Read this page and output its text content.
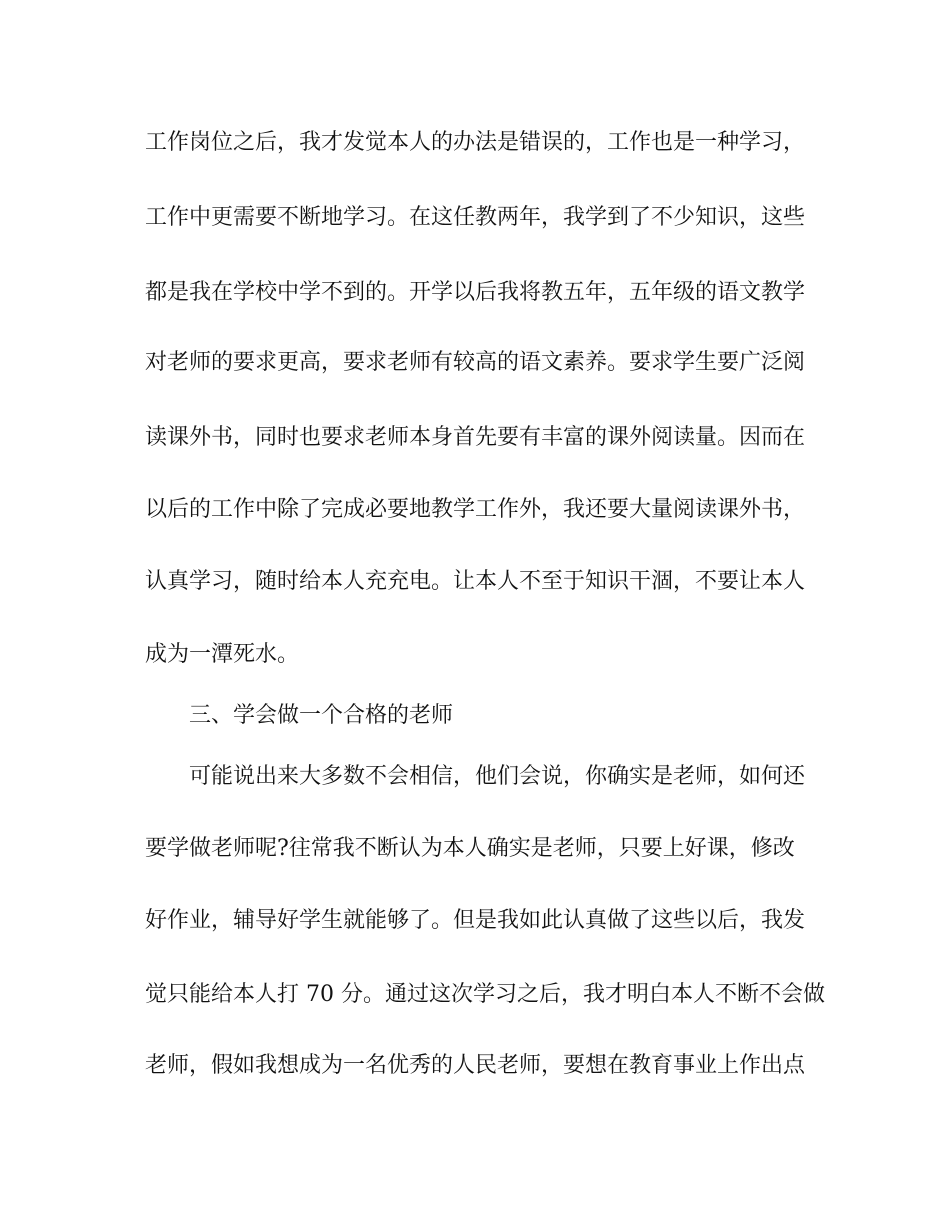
工作岗位之后，我才发觉本人的办法是错误的，工作也是一种学习，
工作中更需要不断地学习。在这任教两年，我学到了不少知识，这些
都是我在学校中学不到的。开学以后我将教五年，五年级的语文教学
对老师的要求更高，要求老师有较高的语文素养。要求学生要广泛阅
读课外书，同时也要求老师本身首先要有丰富的课外阅读量。因而在
以后的工作中除了完成必要地教学工作外，我还要大量阅读课外书，
认真学习，随时给本人充充电。让本人不至于知识干涸，不要让本人
成为一潭死水。
三、学会做一个合格的老师
可能说出来大多数不会相信，他们会说，你确实是老师，如何还
要学做老师呢?往常我不断认为本人确实是老师，只要上好课，修改
好作业，辅导好学生就能够了。但是我如此认真做了这些以后，我发
觉只能给本人打 70 分。通过这次学习之后，我才明白本人不断不会做
老师，假如我想成为一名优秀的人民老师，要想在教育事业上作出点
